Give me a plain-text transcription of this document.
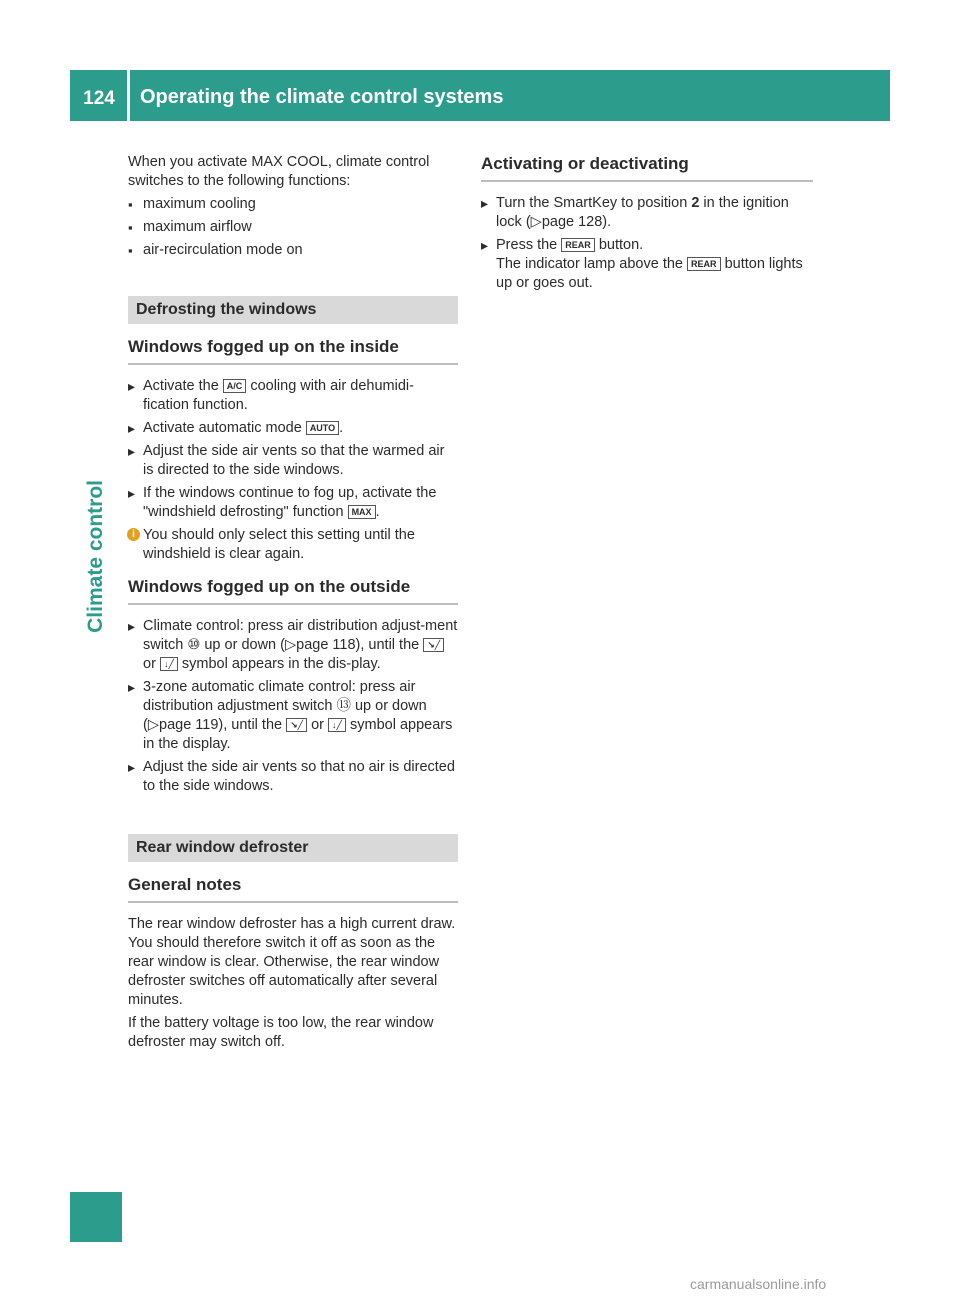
124	Operating the climate control systems
Climate control

When you activate MAX COOL, climate control switches to the following functions:

▪ maximum cooling
▪ maximum airflow
▪ air-recirculation mode on
Defrosting the windows
Windows fogged up on the inside
▸ Activate the A/C cooling with air dehumidi-fication function.
▸ Activate automatic mode AUTO .
▸ Adjust the side air vents so that the warmed air is directed to the side windows.
▸ If the windows continue to fog up, activate the "windshield defrosting" function MAX .
i You should only select this setting until the windshield is clear again.
Windows fogged up on the outside
▸ Climate control: press air distribution adjust-ment switch ⑩ up or down (▷page 118), until the ↘╱ or ↓╱ symbol appears in the dis-play.
▸ 3-zone automatic climate control: press air distribution adjustment switch ⑬ up or down (▷page 119), until the ↘╱ or ↓╱ symbol appears in the display.
▸ Adjust the side air vents so that no air is directed to the side windows.
Rear window defroster
General notes

The rear window defroster has a high current draw. You should therefore switch it off as soon as the rear window is clear. Otherwise, the rear window defroster switches off automatically after several minutes.

If the battery voltage is too low, the rear window defroster may switch off.

Activating or deactivating
▸ Turn the SmartKey to position 2 in the ignition lock (▷page 128).
▸ Press the REAR button.
The indicator lamp above the REAR button lights up or goes out.
carmanualsonline.info
